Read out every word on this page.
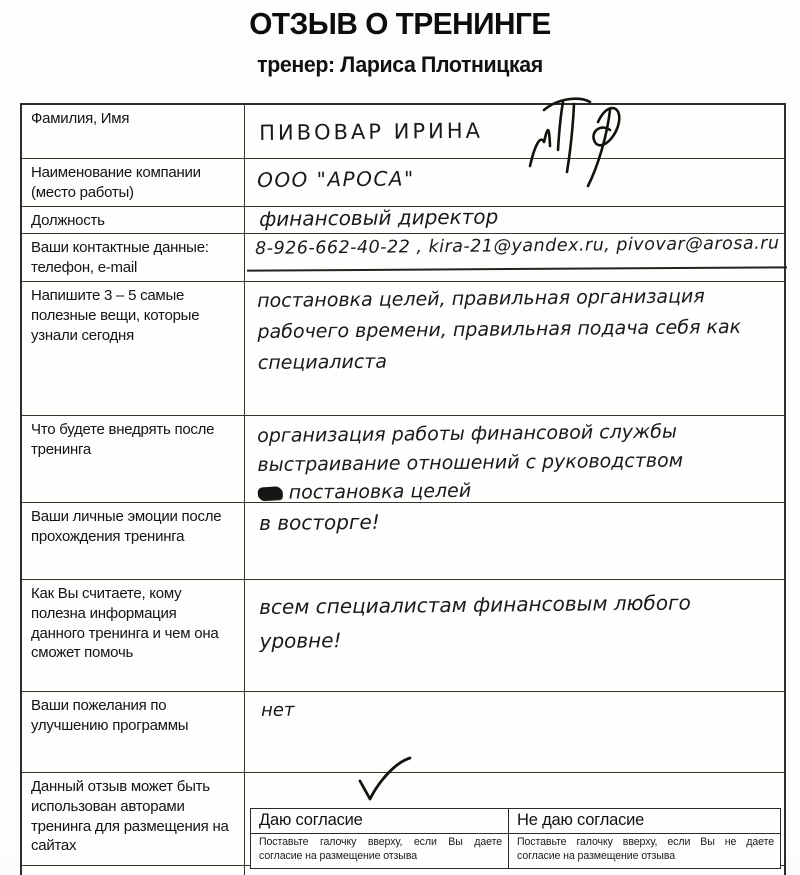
ОТЗЫВ О ТРЕНИНГЕ
тренер: Лариса Плотницкая
Фамилия, Имя
ПИВОВАР ИРИНА
Наименование компании (место работы)
ООО "АРОСА"
Должность	финансовый директор
Ваши контактные данные: телефон, e-mail
8-926-662-40-22 , kira-21@yandex.ru, pivovar@arosa.ru
Напишите 3 – 5 самые полезные вещи, которые узнали сегодня
постановка целей, правильная организация
рабочего времени, правильная подача себя как
специалиста
Что будете внедрять после тренинга
организация работы финансовой службы
выстраивание отношений с руководством
постановка целей
Ваши личные эмоции после прохождения тренинга
в восторге!
Как Вы считаете, кому полезна информация данного тренинга и чем она сможет помочь
всем специалистам финансовым любого
уровне!
Ваши пожелания по улучшению программы
нет
Данный отзыв может быть использован авторами тренинга для размещения на сайтах
Даю согласие
Поставьте галочку вверху, если Вы даете согласие на размещение отзыва
Не даю согласие
Поставьте галочку вверху, если Вы не даете согласие на размещение отзыва
